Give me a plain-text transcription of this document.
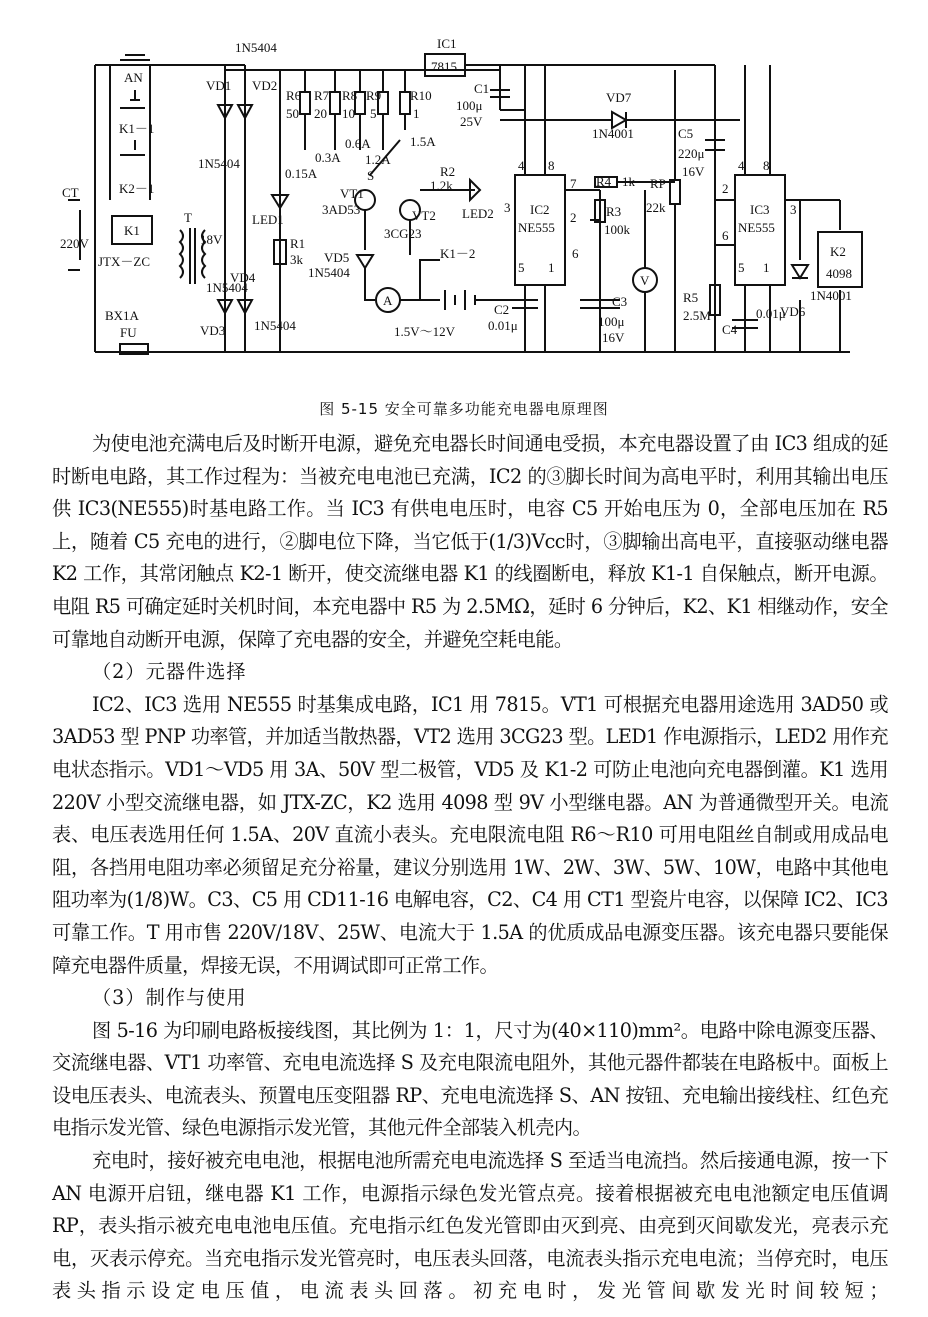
AN
K1－1
K2－1
CT
220V
K1
JTX－ZC
BX1A
FU
T
18V
VD1 VD2
VD3
VD4
1N5404
1N5404
1N5404
1N5404
LED1
R1
3k
R6
50
R7
20
R8
10
R9
5
R10
1
0.15A
0.3A
0.6A
1.2A
1.5A
S
IC1
7815
C1
100μ
25V
VD7
1N4001
VT1
3AD53	VT2
3CG23
R2
1.2k
LED2
VD5
1N5404
K1－2
A
1.5V～12V
IC2
NE555
4 8
7
3
2
6
5 1
R4 1k RP
22k
R3
100k
C2
0.01μ
C3
100μ
16V
V
C5
220μ
16V
IC3
NE555
4 8
2
3
6
5 1
R5
2.5M
C4
0.01μ
VD6
1N4001
K2
4098
图 5-15 安全可靠多功能充电器电原理图

为使电池充满电后及时断开电源，避免充电器长时间通电受损，本充电器设置了由 IC3 组成的延时断电电路，其工作过程为：当被充电电池已充满，IC2 的③脚长时间为高电平时，利用其输出电压供 IC3(NE555)时基电路工作。当 IC3 有供电电压时，电容 C5 开始电压为 0，全部电压加在 R5 上，随着 C5 充电的进行，②脚电位下降，当它低于(1/3)Vcc时，③脚输出高电平，直接驱动继电器 K2 工作，其常闭触点 K2-1 断开，使交流继电器 K1 的线圈断电，释放 K1-1 自保触点，断开电源。电阻 R5 可确定延时关机时间，本充电器中 R5 为 2.5MΩ，延时 6 分钟后，K2、K1 相继动作，安全可靠地自动断开电源，保障了充电器的安全，并避免空耗电能。

（2）元器件选择

IC2、IC3 选用 NE555 时基集成电路，IC1 用 7815。VT1 可根据充电器用途选用 3AD50 或 3AD53 型 PNP 功率管，并加适当散热器，VT2 选用 3CG23 型。LED1 作电源指示，LED2 用作充电状态指示。VD1～VD5 用 3A、50V 型二极管，VD5 及 K1-2 可防止电池向充电器倒灌。K1 选用 220V 小型交流继电器，如 JTX-ZC，K2 选用 4098 型 9V 小型继电器。AN 为普通微型开关。电流表、电压表选用任何 1.5A、20V 直流小表头。充电限流电阻 R6～R10 可用电阻丝自制或用成品电阻，各挡用电阻功率必须留足充分裕量，建议分别选用 1W、2W、3W、5W、10W，电路中其他电阻功率为(1/8)W。C3、C5 用 CD11-16 电解电容，C2、C4 用 CT1 型瓷片电容，以保障 IC2、IC3 可靠工作。T 用市售 220V/18V、25W、电流大于 1.5A 的优质成品电源变压器。该充电器只要能保障充电器件质量，焊接无误，不用调试即可正常工作。

（3）制作与使用

图 5-16 为印刷电路板接线图，其比例为 1：1，尺寸为(40×110)mm²。电路中除电源变压器、交流继电器、VT1 功率管、充电电流选择 S 及充电限流电阻外，其他元器件都装在电路板中。面板上设电压表头、电流表头、预置电压变阻器 RP、充电电流选择 S、AN 按钮、充电输出接线柱、红色充电指示发光管、绿色电源指示发光管，其他元件全部装入机壳内。

充电时，接好被充电电池，根据电池所需充电电流选择 S 至适当电流挡。然后接通电源，按一下 AN 电源开启钮，继电器 K1 工作，电源指示绿色发光管点亮。接着根据被充电电池额定电压值调 RP，表头指示被充电电池电压值。充电指示红色发光管即由灭到亮、由亮到灭间歇发光，亮表示充电，灭表示停充。当充电指示发光管亮时，电压表头回落，电流表头指示充电电流；当停充时，电压表头指示设定电压值，电流表头回落。初充电时，发光管间歇发光时间较短；
